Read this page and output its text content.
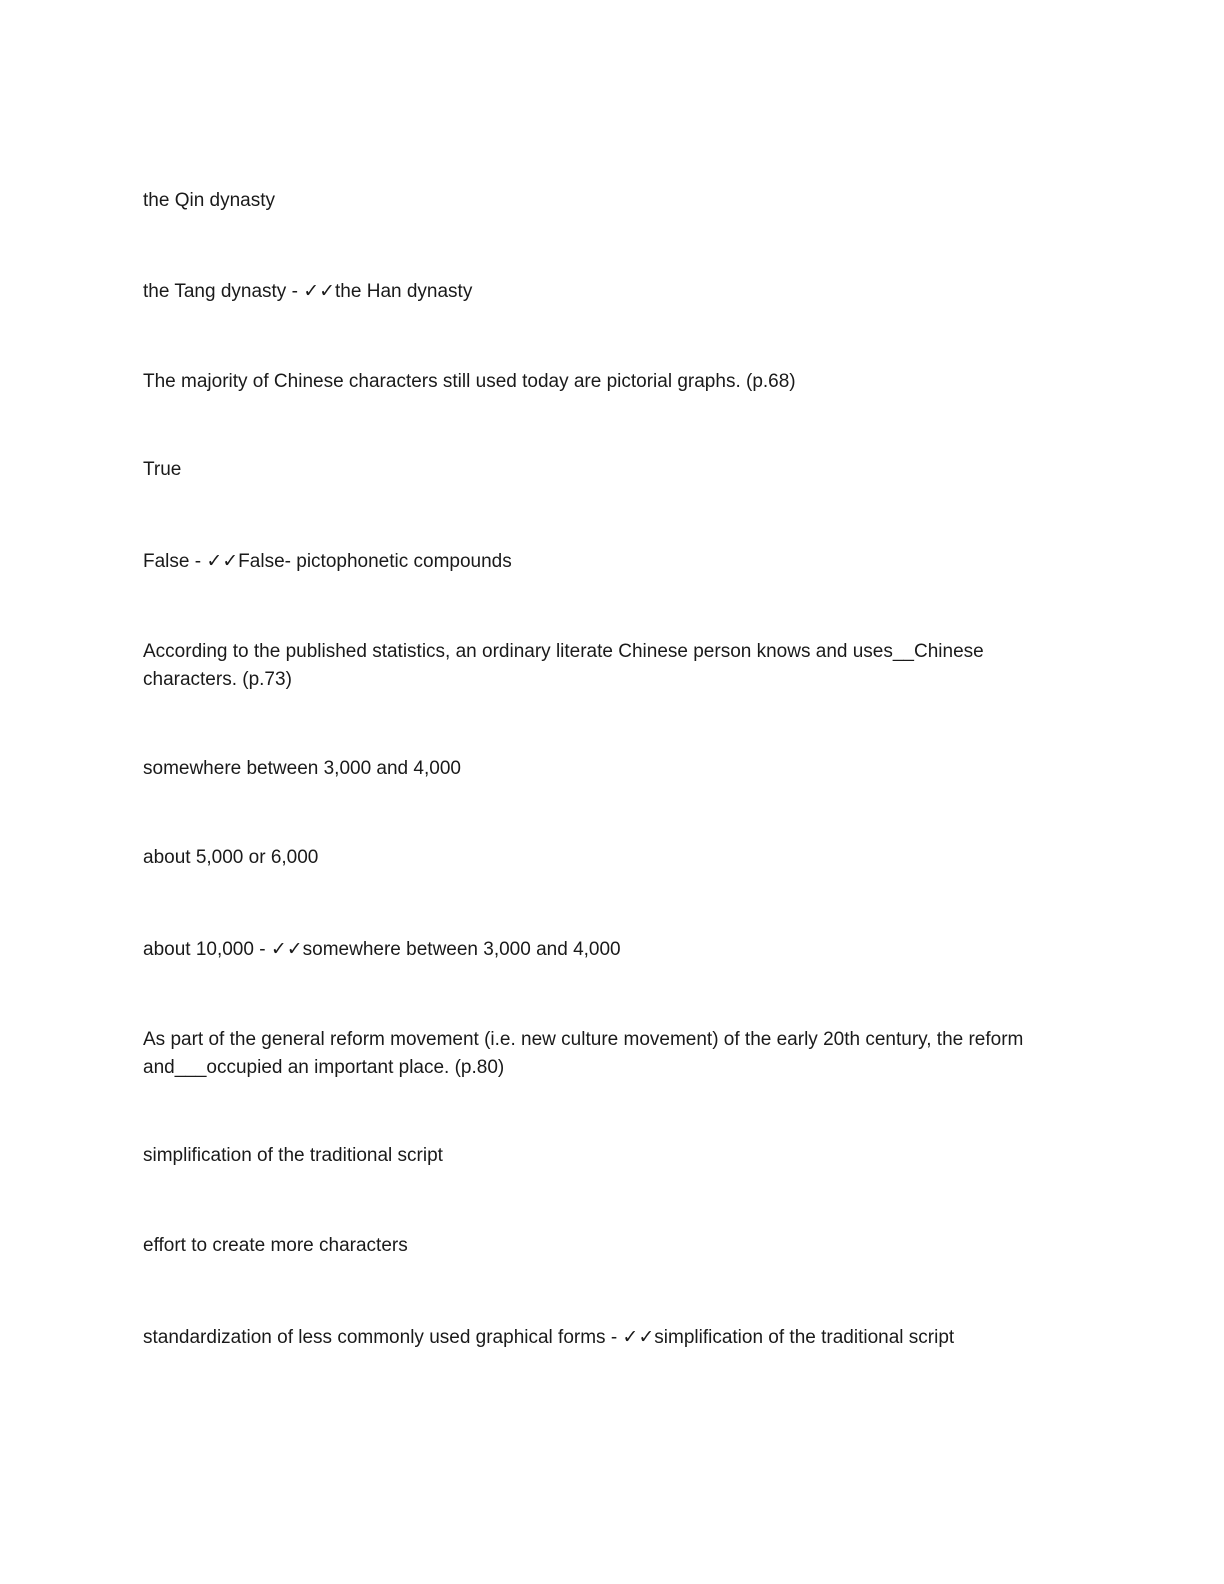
the Qin dynasty

the Tang dynasty - ✓✓the Han dynasty

The majority of Chinese characters still used today are pictorial graphs. (p.68)

True

False - ✓✓False- pictophonetic compounds

According to the published statistics, an ordinary literate Chinese person knows and uses__Chinese characters. (p.73)

somewhere between 3,000 and 4,000

about 5,000 or 6,000

about 10,000 - ✓✓somewhere between 3,000 and 4,000

As part of the general reform movement (i.e. new culture movement) of the early 20th century, the reform and___occupied an important place. (p.80)

simplification of the traditional script

effort to create more characters

standardization of less commonly used graphical forms - ✓✓simplification of the traditional script
